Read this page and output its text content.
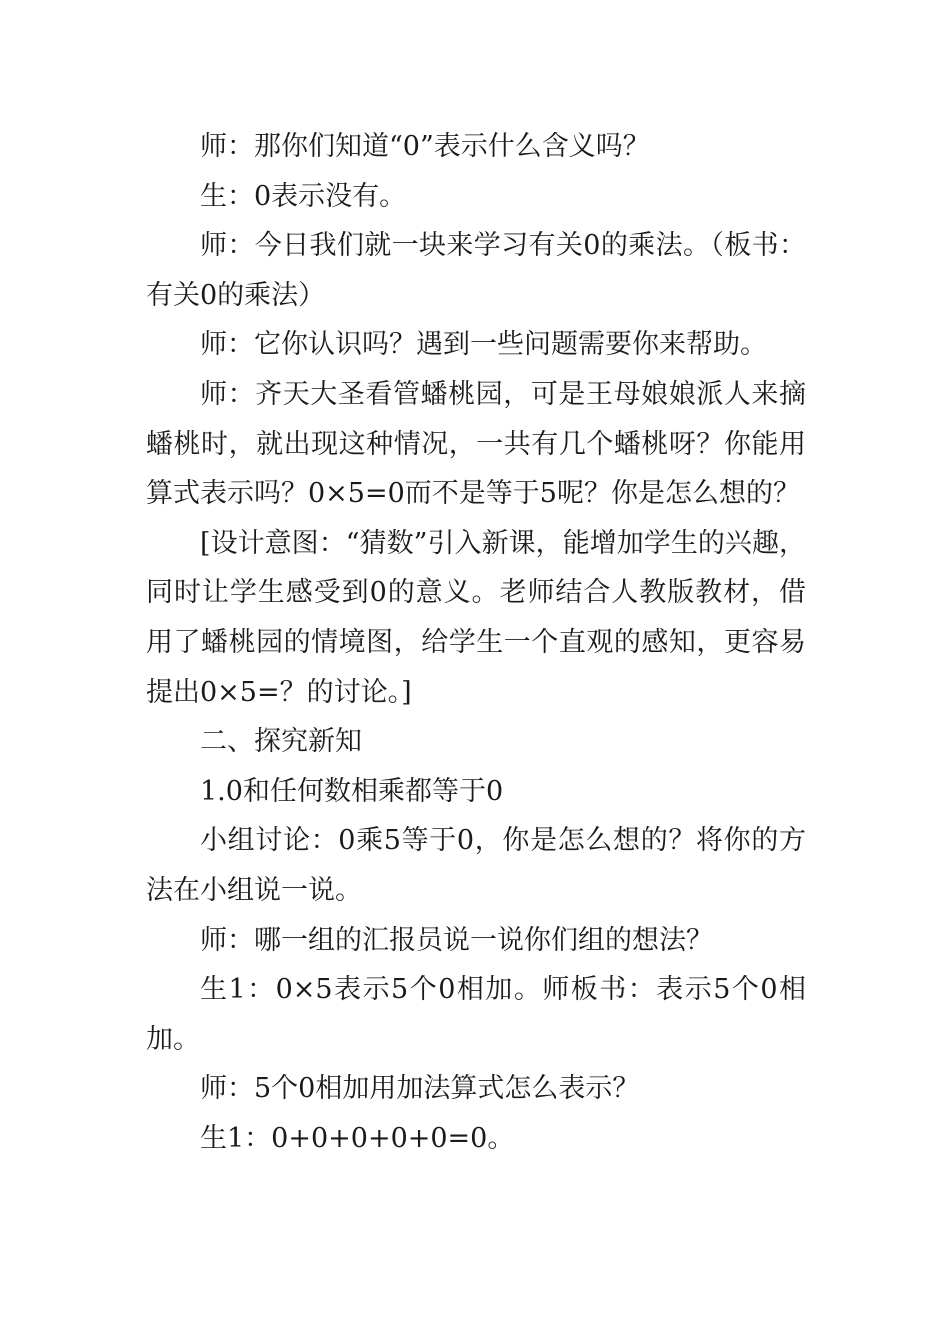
师：那你们知道“0”表示什么含义吗？

生：0表示没有。

师：今日我们就一块来学习有关0的乘法。（板书：有关0的乘法）

师：它你认识吗？遇到一些问题需要你来帮助。

师：齐天大圣看管蟠桃园，可是王母娘娘派人来摘蟠桃时，就出现这种情况，一共有几个蟠桃呀？你能用算式表示吗？0×5=0而不是等于5呢？你是怎么想的？

[设计意图：“猜数”引入新课，能增加学生的兴趣，同时让学生感受到0的意义。老师结合人教版教材，借用了蟠桃园的情境图，给学生一个直观的感知，更容易提出0×5=？的讨论。]

二、探究新知

1.0和任何数相乘都等于0

小组讨论：0乘5等于0，你是怎么想的？将你的方法在小组说一说。

师：哪一组的汇报员说一说你们组的想法？

生1：0×5表示5个0相加。师板书：表示5个0相加。

师：5个0相加用加法算式怎么表示？

生1：0+0+0+0+0=0。
